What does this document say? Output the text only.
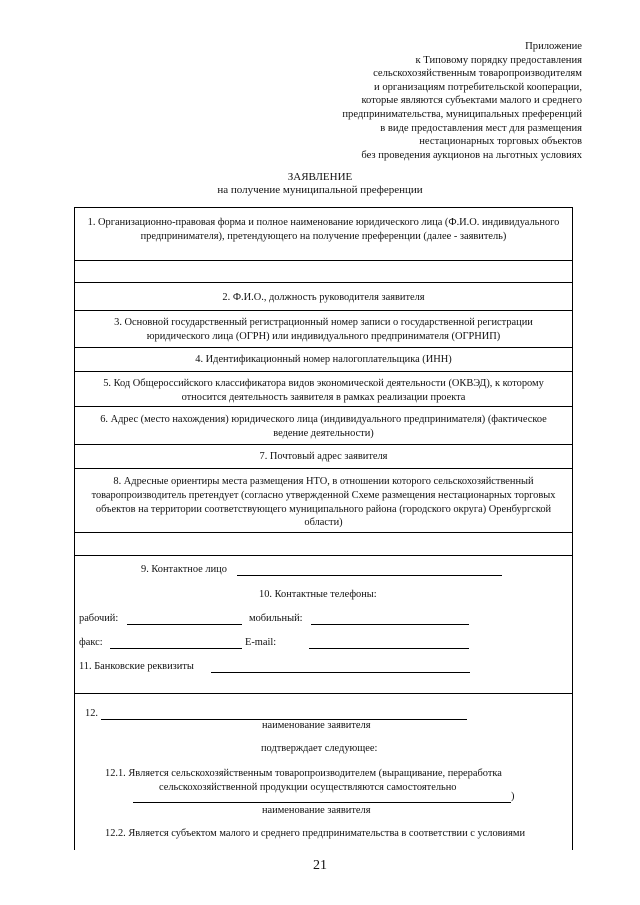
Приложение
к Типовому порядку предоставления
сельскохозяйственным товаропроизводителям
и организациям потребительской кооперации,
которые являются субъектами малого и среднего
предпринимательства, муниципальных преференций
в виде предоставления мест для размещения
нестационарных торговых объектов
без проведения аукционов на льготных условиях
ЗАЯВЛЕНИЕ
на получение муниципальной преференции
1. Организационно-правовая форма и полное наименование юридического лица (Ф.И.О. индивидуального предпринимателя), претендующего на получение преференции (далее - заявитель)
2. Ф.И.О., должность руководителя заявителя
3. Основной государственный регистрационный номер записи о государственной регистрации юридического лица (ОГРН) или индивидуального предпринимателя (ОГРНИП)
4. Идентификационный номер налогоплательщика (ИНН)
5. Код Общероссийского классификатора видов экономической деятельности (ОКВЭД), к которому относится деятельность заявителя в рамках реализации проекта
6. Адрес (место нахождения) юридического лица (индивидуального предпринимателя) (фактическое ведение деятельности)
7. Почтовый адрес заявителя
8. Адресные ориентиры места размещения НТО, в отношении которого сельскохозяйственный товаропроизводитель претендует (согласно утвержденной Схеме размещения нестационарных торговых объектов на территории соответствующего муниципального района (городского округа) Оренбургской области)
9. Контактное лицо
10. Контактные телефоны:
рабочий:	мобильный:
факс:	E-mail:
11. Банковские реквизиты
12.
наименование заявителя
подтверждает следующее:
12.1. Является сельскохозяйственным товаропроизводителем (выращивание, переработка
сельскохозяйственной продукции осуществляются самостоятельно
)
наименование заявителя
12.2. Является субъектом малого и среднего предпринимательства в соответствии с условиями
21
